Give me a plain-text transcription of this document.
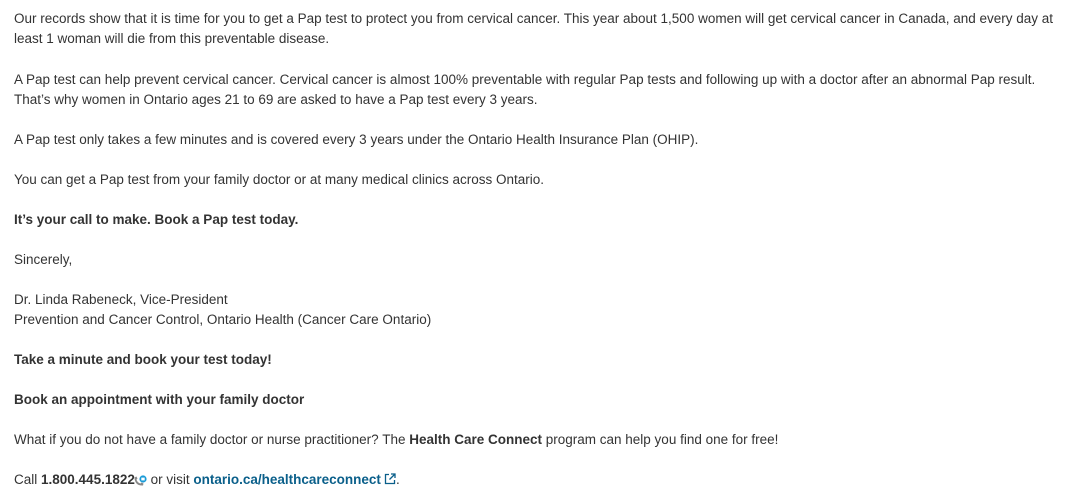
Our records show that it is time for you to get a Pap test to protect you from cervical cancer. This year about 1,500 women will get cervical cancer in Canada, and every day at
least 1 woman will die from this preventable disease.

A Pap test can help prevent cervical cancer. Cervical cancer is almost 100% preventable with regular Pap tests and following up with a doctor after an abnormal Pap result.
That’s why women in Ontario ages 21 to 69 are asked to have a Pap test every 3 years.

A Pap test only takes a few minutes and is covered every 3 years under the Ontario Health Insurance Plan (OHIP).

You can get a Pap test from your family doctor or at many medical clinics across Ontario.

It’s your call to make. Book a Pap test today.

Sincerely,

Dr. Linda Rabeneck, Vice-President
Prevention and Cancer Control, Ontario Health (Cancer Care Ontario)

Take a minute and book your test today!

Book an appointment with your family doctor

What if you do not have a family doctor or nurse practitioner? The Health Care Connect program can help you find one for free!

Call 1.800.445.1822
or visit ontario.ca/healthcareconnect .
